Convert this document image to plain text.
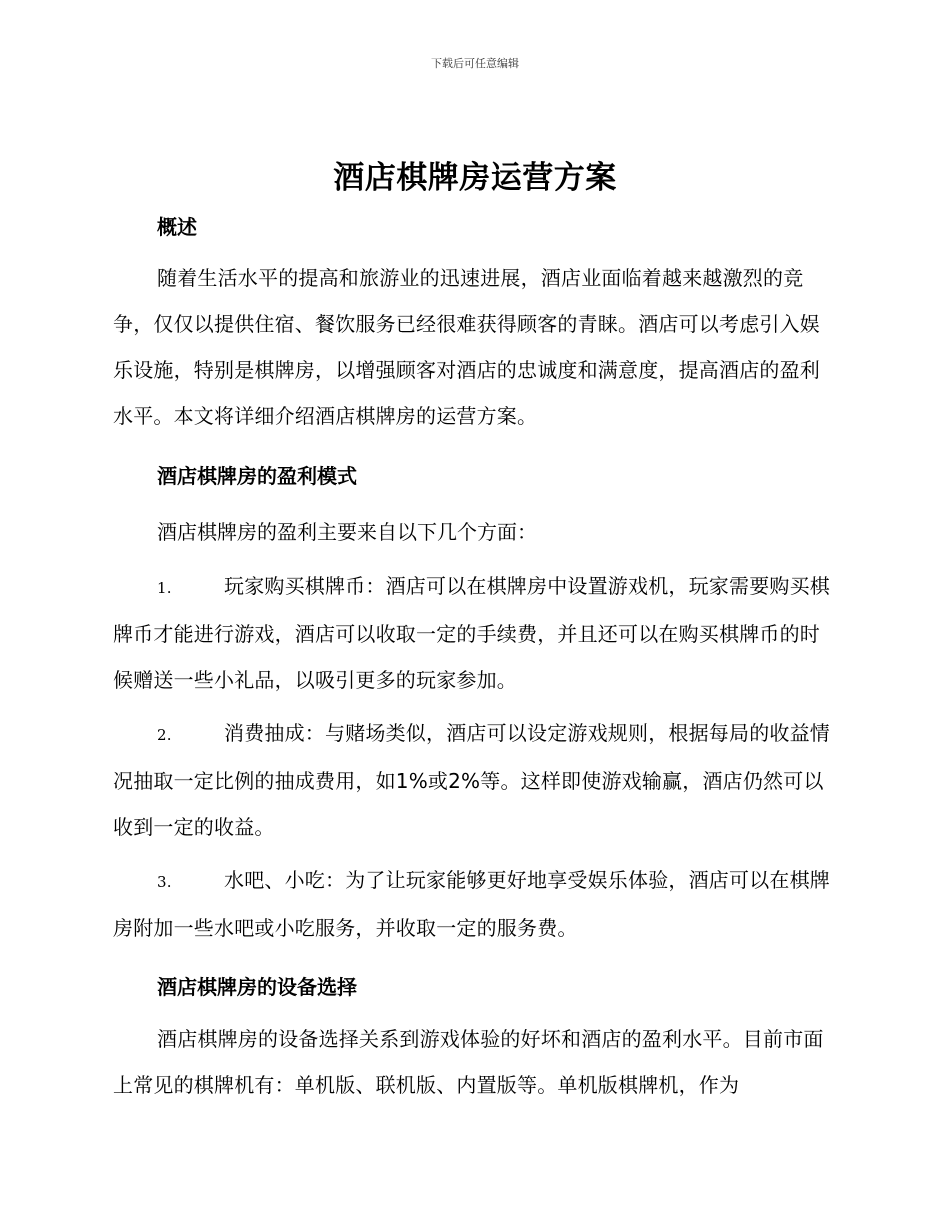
下载后可任意编辑
酒店棋牌房运营方案
概述

随着生活水平的提高和旅游业的迅速进展，酒店业面临着越来越激烈的竞争，仅仅以提供住宿、餐饮服务已经很难获得顾客的青睐。酒店可以考虑引入娱乐设施，特别是棋牌房，以增强顾客对酒店的忠诚度和满意度，提高酒店的盈利水平。本文将详细介绍酒店棋牌房的运营方案。

酒店棋牌房的盈利模式
酒店棋牌房的盈利主要来自以下几个方面：
1.	玩家购买棋牌币：酒店可以在棋牌房中设置游戏机，玩家需要购买棋牌币才能进行游戏，酒店可以收取一定的手续费，并且还可以在购买棋牌币的时候赠送一些小礼品，以吸引更多的玩家参加。
2.	消费抽成：与赌场类似，酒店可以设定游戏规则，根据每局的收益情况抽取一定比例的抽成费用，如1%或2%等。这样即使游戏输赢，酒店仍然可以收到一定的收益。
3.	水吧、小吃：为了让玩家能够更好地享受娱乐体验，酒店可以在棋牌房附加一些水吧或小吃服务，并收取一定的服务费。
酒店棋牌房的设备选择

酒店棋牌房的设备选择关系到游戏体验的好坏和酒店的盈利水平。目前市面上常见的棋牌机有：单机版、联机版、内置版等。单机版棋牌机，作为
